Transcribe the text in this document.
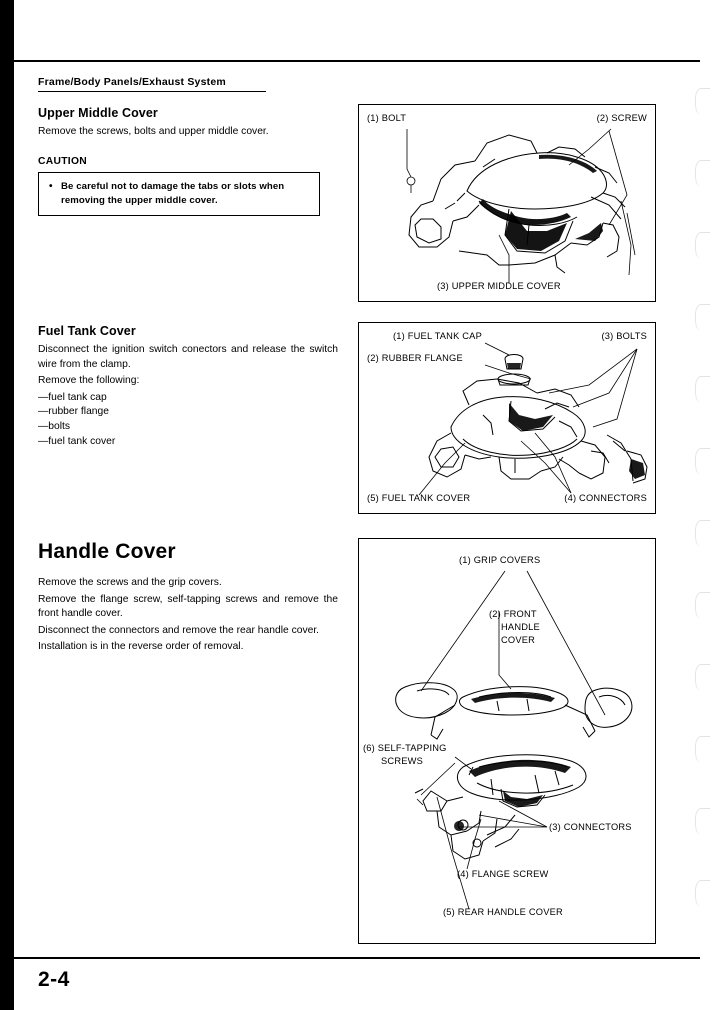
Frame/Body Panels/Exhaust System
Upper Middle Cover

Remove the screws, bolts and upper middle cover.

CAUTION
• Be careful not to damage the tabs or slots when removing the upper middle cover.
(1) BOLT	(2) SCREW
(3) UPPER MIDDLE COVER
Fuel Tank Cover

Disconnect the ignition switch conectors and release the switch wire from the clamp.

Remove the following:

—fuel tank cap
—rubber flange
—bolts
—fuel tank cover
(1) FUEL TANK CAP	(3) BOLTS
(2) RUBBER FLANGE
(5) FUEL TANK COVER	(4) CONNECTORS
Handle Cover

Remove the screws and the grip covers.

Remove the flange screw, self-tapping screws and remove the front handle cover.

Disconnect the connectors and remove the rear handle cover.

Installation is in the reverse order of removal.

(1) GRIP COVERS
(2) FRONT
HANDLE
COVER
(6) SELF-TAPPING
SCREWS
(3) CONNECTORS
(4) FLANGE SCREW
(5) REAR HANDLE COVER
2-4
